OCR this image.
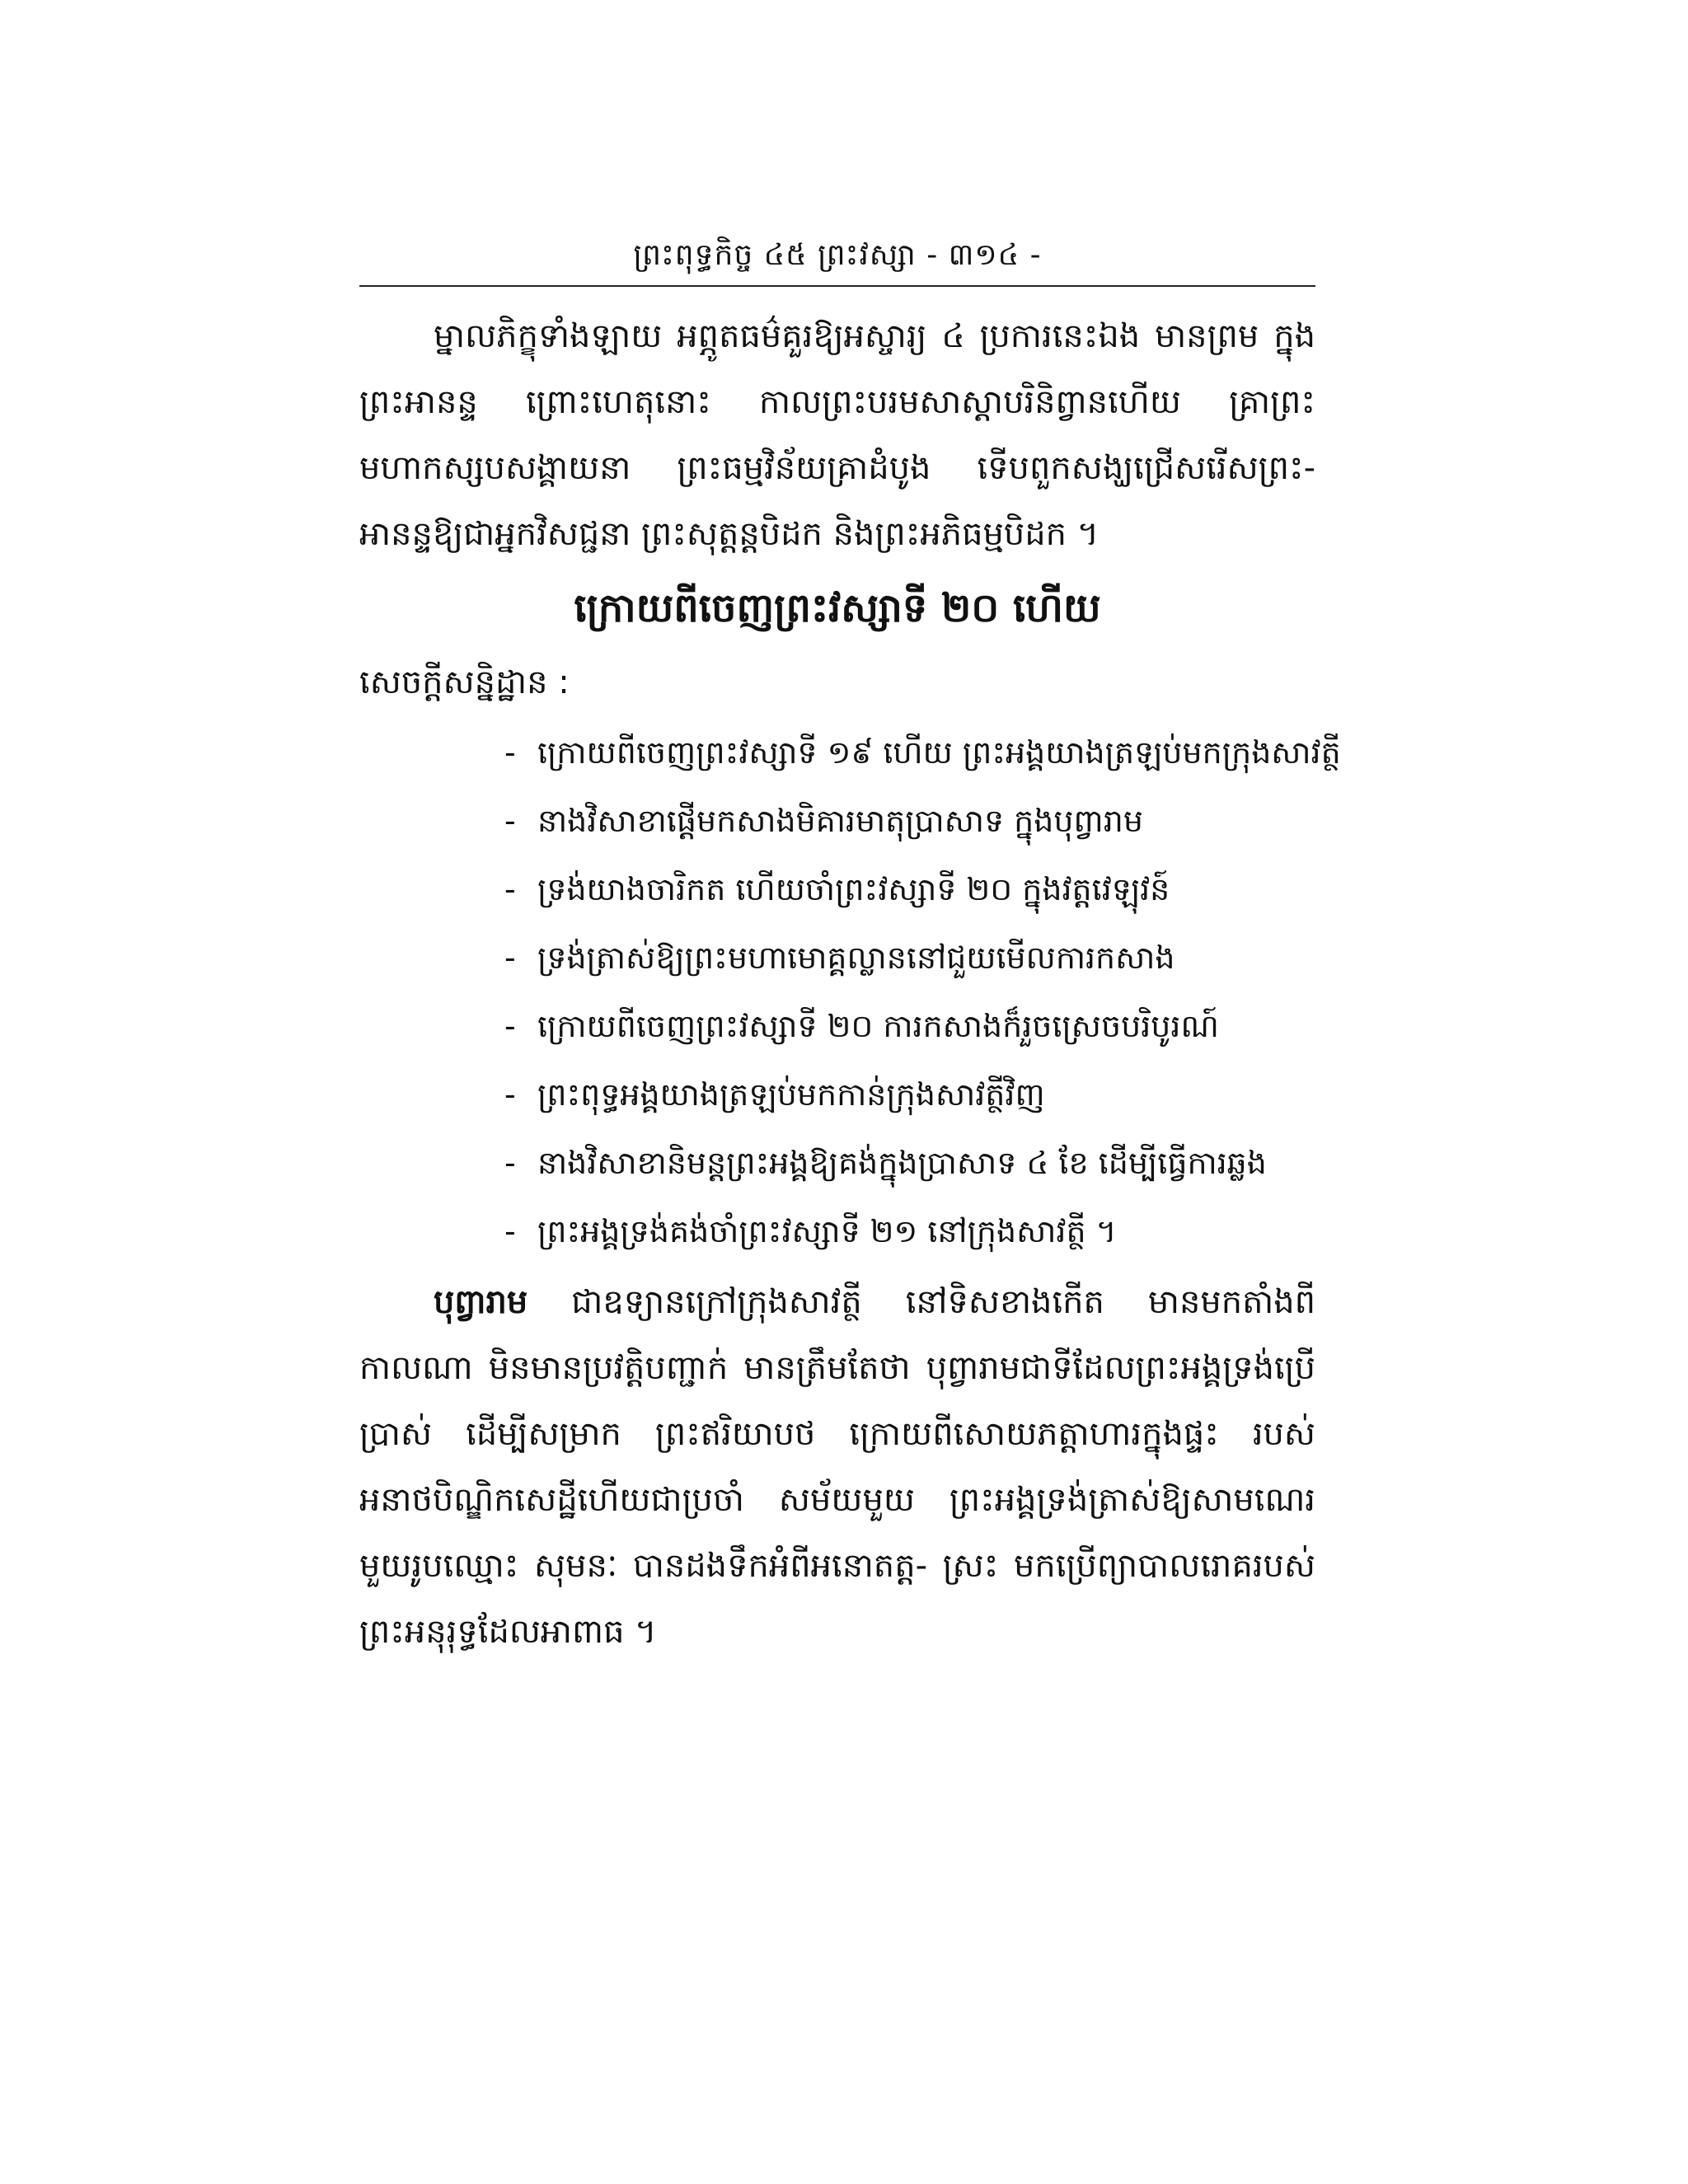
ព្រះពុទ្ធកិច្ច ៤៥ ព្រះវស្សា - ៣១៤ -

ម្នាលភិក្ខុទាំងឡាយ អព្ភូតធម៌គួរឱ្យអស្ចារ្យ ៤ ប្រការនេះឯង មានព្រម ក្នុងព្រះអានន្ទ ព្រោះហេតុនោះ កាលព្រះបរមសាស្តាបរិនិព្វានហើយ គ្រាព្រះ មហាកស្សបសង្គាយនា ព្រះធម្មវិន័យគ្រាដំបូង ទើបពួកសង្ឃជ្រើសរើសព្រះ- អានន្ទឱ្យជាអ្នកវិសជ្ជនា ព្រះសុត្តន្តបិដក និងព្រះអភិធម្មបិដក ។

ក្រោយពីចេញព្រះវស្សាទី ២០ ហើយ

សេចក្តីសន្និដ្ឋាន :

- ក្រោយពីចេញព្រះវស្សាទី ១៩ ហើយ ព្រះអង្គយាងត្រឡប់មកក្រុងសាវត្ថី
- នាងវិសាខាផ្តើមកសាងមិគារមាតុប្រាសាទ ក្នុងបុព្វារាម
- ទ្រង់យាងចារិកត ហើយចាំព្រះវស្សាទី ២០ ក្នុងវត្តវេឡុវន៍
- ទ្រង់ត្រាស់ឱ្យព្រះមហាមោគ្គល្លាននៅជួយមើលការកសាង
- ក្រោយពីចេញព្រះវស្សាទី ២០ ការកសាងក៏រួចស្រេចបរិបូរណ៍
- ព្រះពុទ្ធអង្គយាងត្រឡប់មកកាន់ក្រុងសាវត្ថីវិញ
- នាងវិសាខានិមន្តព្រះអង្គឱ្យគង់ក្នុងប្រាសាទ ៤ ខែ ដើម្បីធ្វើការឆ្លង
- ព្រះអង្គទ្រង់គង់ចាំព្រះវស្សាទី ២១ នៅក្រុងសាវត្ថី ។

បុព្វារាម ជាឧទ្យានក្រៅក្រុងសាវត្ថី នៅទិសខាងកើត មានមកតាំងពីកាលណា មិនមានប្រវត្តិបញ្ជាក់ មានត្រឹមតែថា បុព្វារាមជាទីដែលព្រះអង្គទ្រង់ប្រើប្រាស់ ដើម្បីសម្រាក ព្រះឥរិយាបថ ក្រោយពីសោយភត្តាហារក្នុងផ្ទះ របស់អនាថបិណ្ឌិកសេដ្ឋីហើយជាប្រចាំ សម័យមួយ ព្រះអង្គទ្រង់ត្រាស់ឱ្យសាមណេរមួយរូបឈ្មោះ សុមនៈ បានដងទឹកអំពីអនោតត្ត- ស្រះ មកប្រើព្យាបាលរោគរបស់ព្រះអនុរុទ្ធដែលអាពាធ ។
